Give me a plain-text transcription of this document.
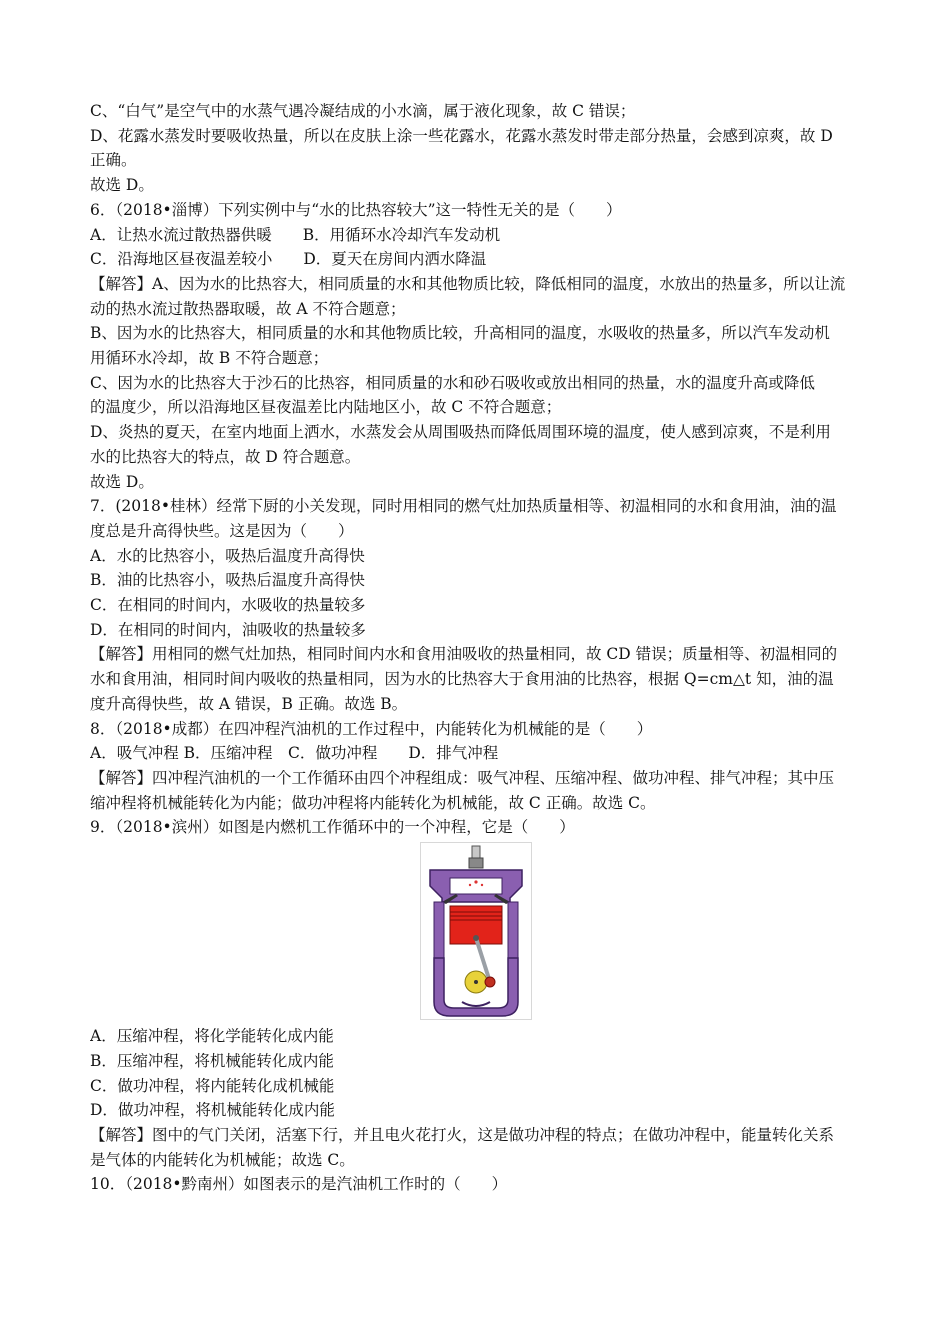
C、“白气”是空气中的水蒸气遇冷凝结成的小水滴，属于液化现象，故 C 错误；
D、花露水蒸发时要吸收热量，所以在皮肤上涂一些花露水，花露水蒸发时带走部分热量，会感到凉爽，故 D
正确。
故选 D。
6．（2018•淄博）下列实例中与“水的比热容较大”这一特性无关的是（　　）
A．让热水流过散热器供暖　　B．用循环水冷却汽车发动机
C．沿海地区昼夜温差较小　　D．夏天在房间内洒水降温
【解答】A、因为水的比热容大，相同质量的水和其他物质比较，降低相同的温度，水放出的热量多，所以让流
动的热水流过散热器取暖，故 A 不符合题意；
B、因为水的比热容大，相同质量的水和其他物质比较，升高相同的温度，水吸收的热量多，所以汽车发动机
用循环水冷却，故 B 不符合题意；
C、因为水的比热容大于沙石的比热容，相同质量的水和砂石吸收或放出相同的热量，水的温度升高或降低
的温度少，所以沿海地区昼夜温差比内陆地区小，故 C 不符合题意；
D、炎热的夏天，在室内地面上洒水，水蒸发会从周围吸热而降低周围环境的温度，使人感到凉爽，不是利用
水的比热容大的特点，故 D 符合题意。
故选 D。
7．(2018•桂林）经常下厨的小关发现，同时用相同的燃气灶加热质量相等、初温相同的水和食用油，油的温
度总是升高得快些。这是因为（　　）
A．水的比热容小，吸热后温度升高得快
B．油的比热容小，吸热后温度升高得快
C．在相同的时间内，水吸收的热量较多
D．在相同的时间内，油吸收的热量较多
【解答】用相同的燃气灶加热，相同时间内水和食用油吸收的热量相同，故 CD 错误；质量相等、初温相同的
水和食用油，相同时间内吸收的热量相同，因为水的比热容大于食用油的比热容，根据 Q=cm△t 知，油的温
度升高得快些，故 A 错误，B 正确。故选 B。
8．（2018•成都）在四冲程汽油机的工作过程中，内能转化为机械能的是（　　）
A．吸气冲程 B．压缩冲程　C．做功冲程　　D．排气冲程
【解答】四冲程汽油机的一个工作循环由四个冲程组成：吸气冲程、压缩冲程、做功冲程、排气冲程；其中压
缩冲程将机械能转化为内能；做功冲程将内能转化为机械能，故 C 正确。故选 C。
9．（2018•滨州）如图是内燃机工作循环中的一个冲程，它是（　　）
A．压缩冲程，将化学能转化成内能
B．压缩冲程，将机械能转化成内能
C．做功冲程，将内能转化成机械能
D．做功冲程，将机械能转化成内能
【解答】图中的气门关闭，活塞下行，并且电火花打火，这是做功冲程的特点；在做功冲程中，能量转化关系
是气体的内能转化为机械能；故选 C。
10．（2018•黔南州）如图表示的是汽油机工作时的（　　）
